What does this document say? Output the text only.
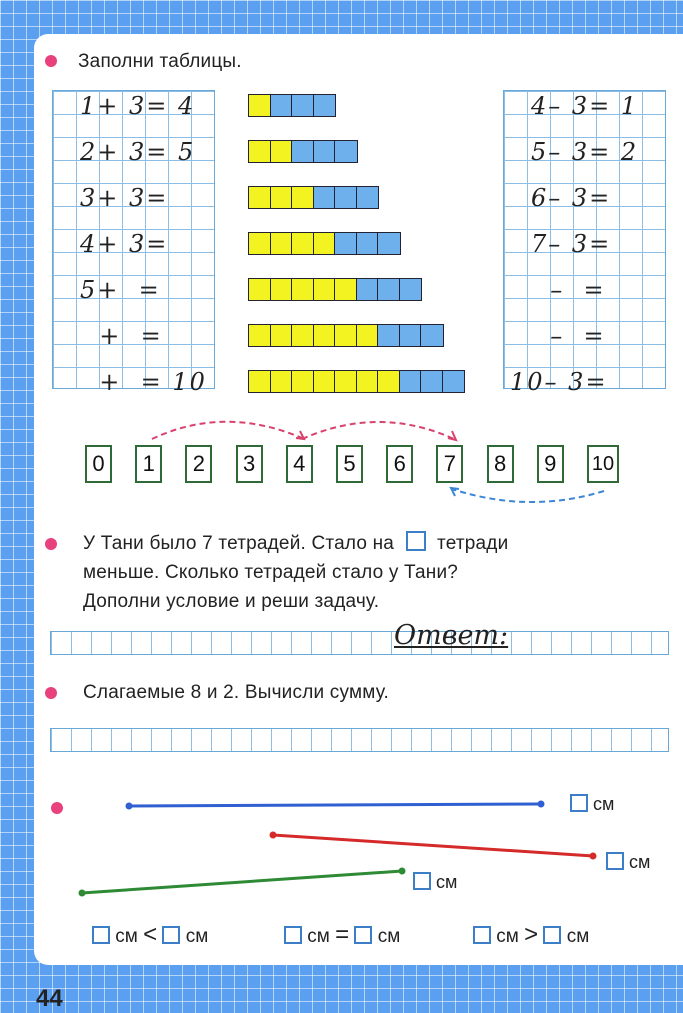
Заполни таблицы.
1+ 3= 4
2+ 3= 5
3+ 3=
4+ 3=
5+  =
+  =
+  = 10
4– 3= 1
5– 3= 2
6– 3=
7– 3=
–  =
–  =
10– 3=
0	1	2	3	4	5	6	7	8	9	10
У Тани было 7 тетрадей. Стало на тетради
меньше. Сколько тетрадей стало у Тани?
Дополни условие и реши задачу.
Ответ:
Слагаемые 8 и 2. Вычисли сумму.
см
см
см
см < см	см = см	см > см
44
